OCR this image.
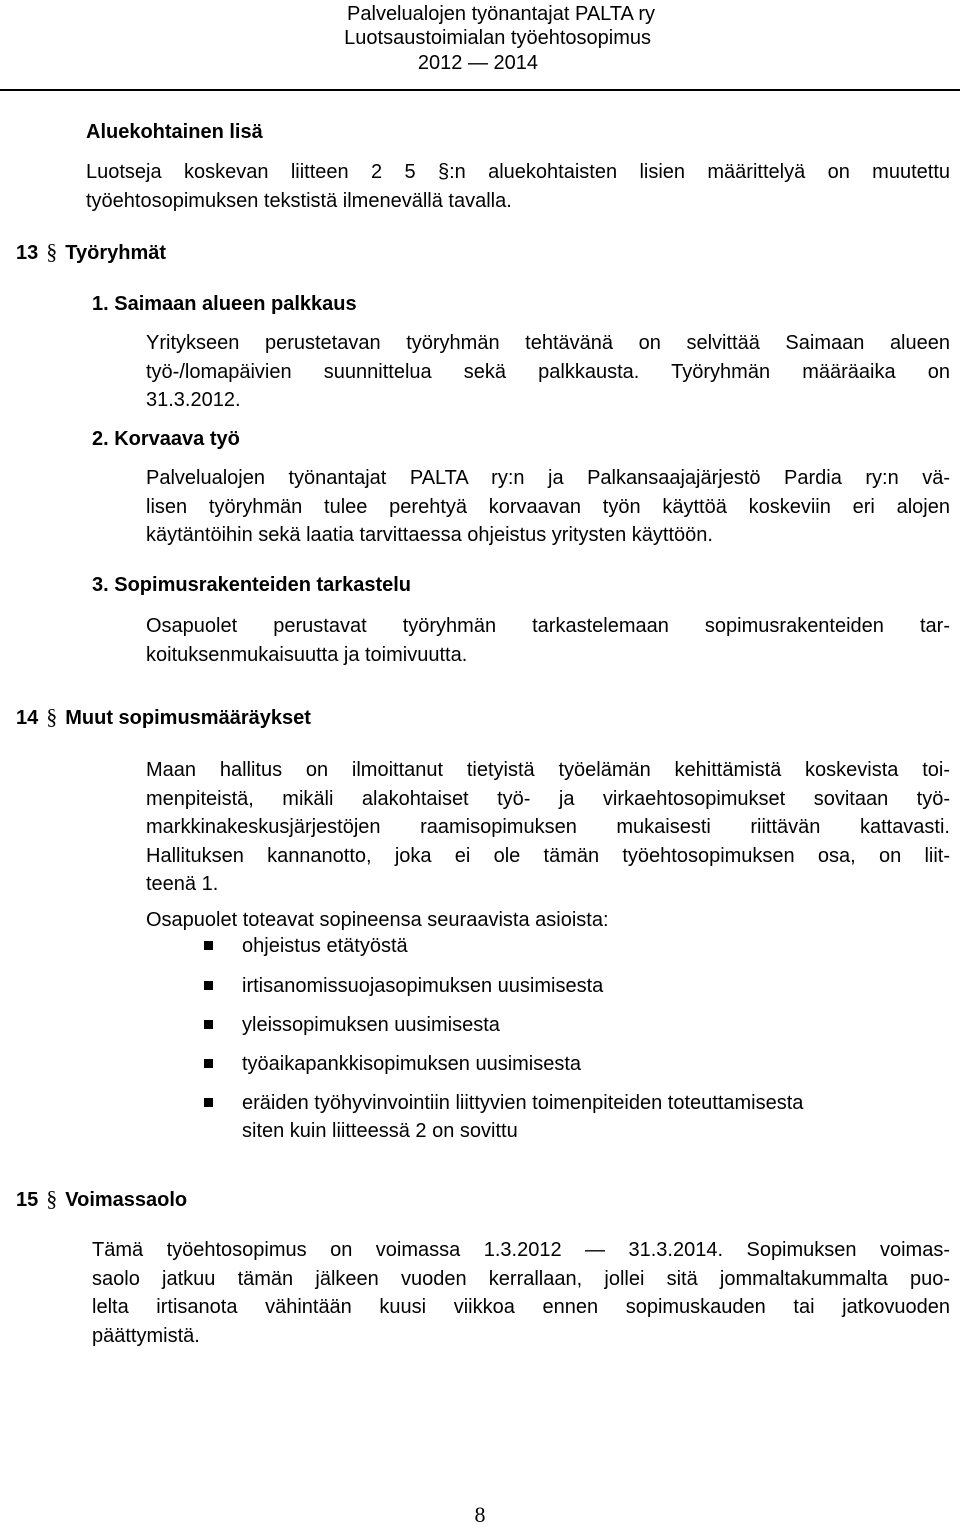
Palvelualojen työnantajat PALTA ry
Luotsaustoimialan työehtosopimus
2012 — 2014
Aluekohtainen lisä
Luotseja koskevan liitteen 2 5 §:n aluekohtaisten lisien määrittelyä on muutettu
työehtosopimuksen tekstistä ilmenevällä tavalla.
13 § Työryhmät
1. Saimaan alueen palkkaus
Yritykseen perustetavan työryhmän tehtävänä on selvittää Saimaan alueen
työ-/lomapäivien suunnittelua sekä palkkausta. Työryhmän määräaika on
31.3.2012.
2. Korvaava työ
Palvelualojen työnantajat PALTA ry:n ja Palkansaajajärjestö Pardia ry:n vä-
lisen työryhmän tulee perehtyä korvaavan työn käyttöä koskeviin eri alojen
käytäntöihin sekä laatia tarvittaessa ohjeistus yritysten käyttöön.
3. Sopimusrakenteiden tarkastelu
Osapuolet perustavat työryhmän tarkastelemaan sopimusrakenteiden tar-
koituksenmukaisuutta ja toimivuutta.
14 § Muut sopimusmääräykset
Maan hallitus on ilmoittanut tietyistä työelämän kehittämistä koskevista toi-
menpiteistä, mikäli alakohtaiset työ- ja virkaehtosopimukset sovitaan työ-
markkinakeskusjärjestöjen raamisopimuksen mukaisesti riittävän kattavasti.
Hallituksen kannanotto, joka ei ole tämän työehtosopimuksen osa, on liit-
teenä 1.
Osapuolet toteavat sopineensa seuraavista asioista:
ohjeistus etätyöstä
irtisanomissuojasopimuksen uusimisesta
yleissopimuksen uusimisesta
työaikapankkisopimuksen uusimisesta
eräiden työhyvinvointiin liittyvien toimenpiteiden toteuttamisesta
siten kuin liitteessä 2 on sovittu
15 § Voimassaolo
Tämä työehtosopimus on voimassa 1.3.2012 — 31.3.2014. Sopimuksen voimas-
saolo jatkuu tämän jälkeen vuoden kerrallaan, jollei sitä jommaltakummalta puo-
lelta irtisanota vähintään kuusi viikkoa ennen sopimuskauden tai jatkovuoden
päättymistä.
8
